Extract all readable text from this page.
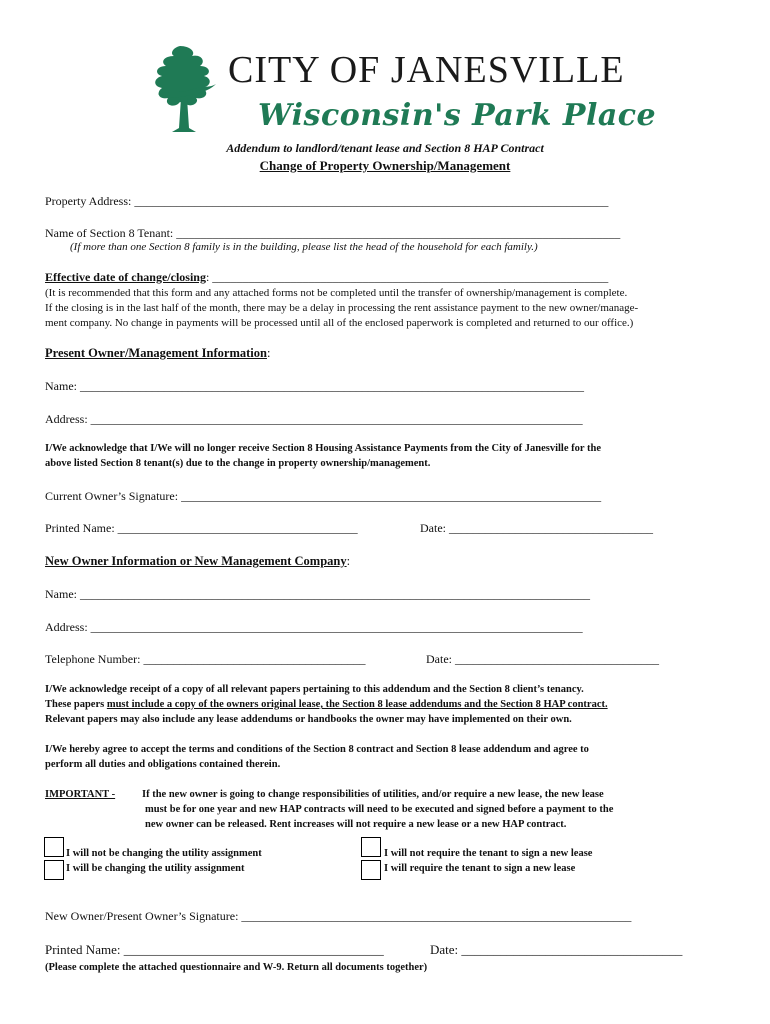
CITY OF JANESVILLE
Wisconsin's Park Place
Addendum to landlord/tenant lease and Section 8 HAP Contract
Change of Property Ownership/Management
Property Address: _______________________________________________________________________________
Name of Section 8 Tenant: __________________________________________________________________________
(If more than one Section 8 family is in the building, please list the head of the household for each family.)
Effective date of change/closing: __________________________________________________________________
(It is recommended that this form and any attached forms not be completed until the transfer of ownership/management is complete.
If the closing is in the last half of the month, there may be a delay in processing the rent assistance payment to the new owner/manage-
ment company. No change in payments will be processed until all of the enclosed paperwork is completed and returned to our office.)
Present Owner/Management Information:
Name: ____________________________________________________________________________________
Address: __________________________________________________________________________________
I/We acknowledge that I/We will no longer receive Section 8 Housing Assistance Payments from the City of Janesville for the
above listed Section 8 tenant(s) due to the change in property ownership/management.
Current Owner’s Signature: ______________________________________________________________________
Printed Name: ________________________________________	Date: __________________________________
New Owner Information or New Management Company:
Name: _____________________________________________________________________________________
Address: __________________________________________________________________________________
Telephone Number: _____________________________________	Date: __________________________________
I/We acknowledge receipt of a copy of all relevant papers pertaining to this addendum and the Section 8 client’s tenancy.
These papers must include a copy of the owners original lease, the Section 8 lease addendums and the Section 8 HAP contract.
Relevant papers may also include any lease addendums or handbooks the owner may have implemented on their own.
I/We hereby agree to accept the terms and conditions of the Section 8 contract and Section 8 lease addendum and agree to
perform all duties and obligations contained therein.
IMPORTANT -	If the new owner is going to change responsibilities of utilities, and/or require a new lease, the new lease
must be for one year and new HAP contracts will need to be executed and signed before a payment to the
new owner can be released. Rent increases will not require a new lease or a new HAP contract.
I will not be changing the utility assignment
I will be changing the utility assignment
I will not require the tenant to sign a new lease
I will require the tenant to sign a new lease
New Owner/Present Owner’s Signature: _________________________________________________________________
Printed Name: ________________________________________	Date: __________________________________
(Please complete the attached questionnaire and W-9. Return all documents together)
